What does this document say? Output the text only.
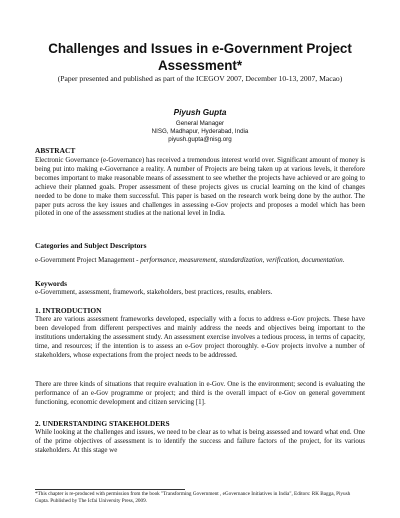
Challenges and Issues in e-Government Project Assessment*
(Paper presented and published as part of the ICEGOV 2007, December 10-13, 2007, Macao)
Piyush Gupta
General Manager
NISG, Madhapur, Hyderabad, India
piyush.gupta@nisg.org
ABSTRACT
Electronic Governance (e-Governance) has received a tremendous interest world over. Significant amount of money is being put into making e-Governance a reality. A number of Projects are being taken up at various levels, it therefore becomes important to make reasonable means of assessment to see whether the projects have achieved or are going to achieve their planned goals. Proper assessment of these projects gives us crucial learning on the kind of changes needed to be done to make them successful. This paper is based on the research work being done by the author. The paper puts across the key issues and challenges in assessing e-Gov projects and proposes a model which has been piloted in one of the assessment studies at the national level in India.
Categories and Subject Descriptors
e-Government Project Management - performance, measurement, standardization, verification, documentation.
Keywords
e-Government, assessment, framework, stakeholders, best practices, results, enablers.
1. INTRODUCTION
There are various assessment frameworks developed, especially with a focus to address e-Gov projects. These have been developed from different perspectives and mainly address the needs and objectives being important to the institutions undertaking the assessment study. An assessment exercise involves a tedious process, in terms of capacity, time, and resources; if the intention is to assess an e-Gov project thoroughly. e-Gov projects involve a number of stakeholders, whose expectations from the project needs to be addressed.
There are three kinds of situations that require evaluation in e-Gov. One is the environment; second is evaluating the performance of an e-Gov programme or project; and third is the overall impact of e-Gov on general government functioning, economic development and citizen servicing [1].
2. UNDERSTANDING STAKEHOLDERS
While looking at the challenges and issues, we need to be clear as to what is being assessed and toward what end. One of the prime objectives of assessment is to identify the success and failure factors of the project, for its various stakeholders. At this stage we
*This chapter is re-produced with permission from the book "Transforming Government , eGovernance Initiatives in India", Editors: RK Bagga, Piyush Gupta. Published by The Icfai University Press, 2009.
